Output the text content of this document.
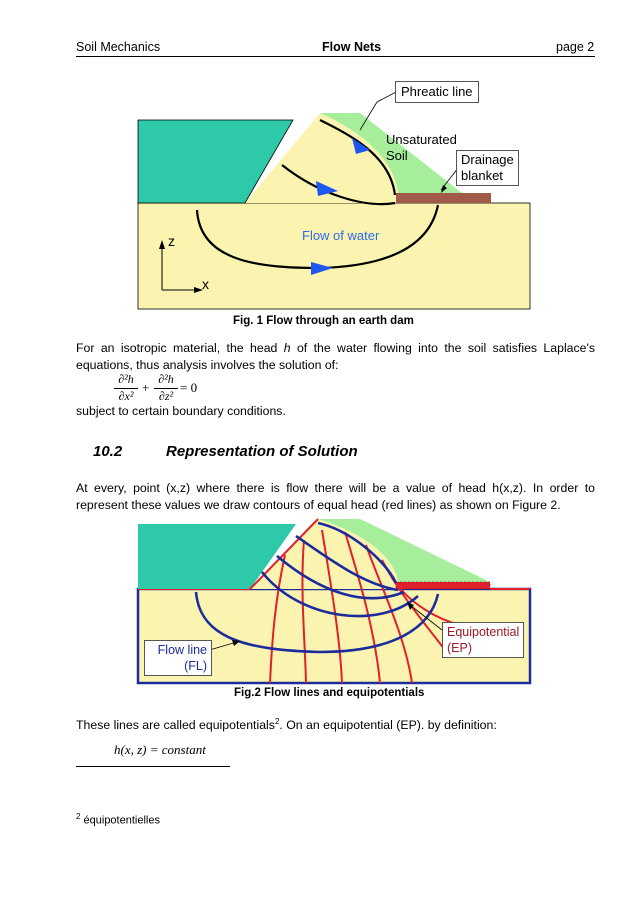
Soil Mechanics	Flow Nets	page 2
Phreatic line
Unsaturated
Soil	Drainage
blanket
Flow of water
z
x
Fig. 1 Flow through an earth dam
For an isotropic material, the head h of the water flowing into the soil satisfies Laplace's equations, thus analysis involves the solution of:
∂²h
∂x²
+
∂²h
∂z²
= 0
subject to certain boundary conditions.
10.2	Representation of Solution
At every, point (x,z) where there is flow there will be a value of head h(x,z). In order to represent these values we draw contours of equal head (red lines) as shown on Figure 2.
Flow line
(FL)
Equipotential
(EP)
Fig.2 Flow lines and equipotentials
These lines are called equipotentials$^2$. On an equipotential (EP). by definition:
h(x, z) = constant
$^2$ équipotentielles
